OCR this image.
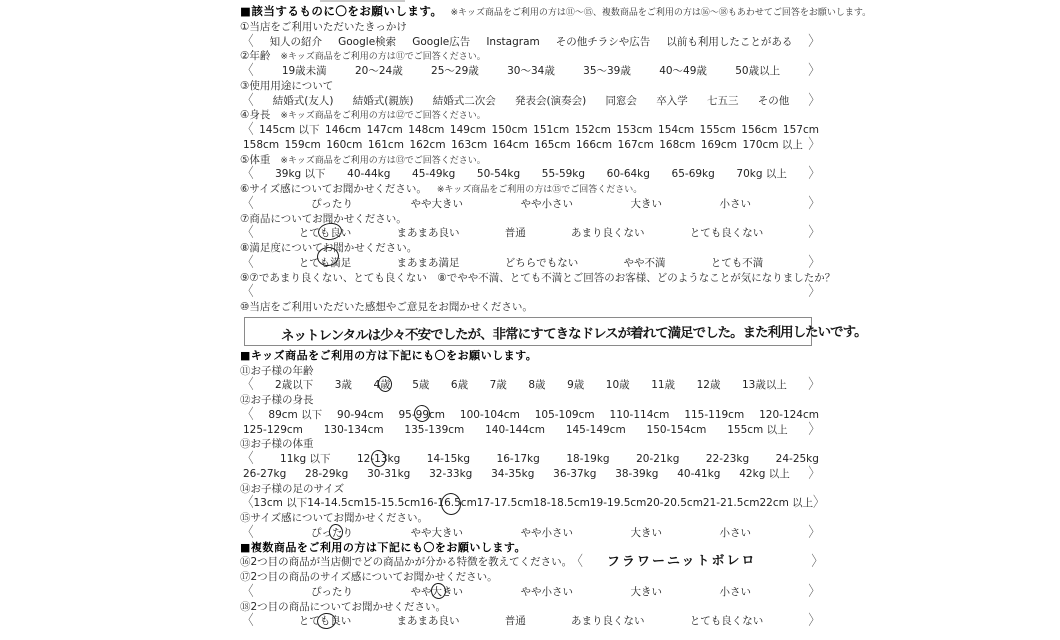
■該当するものに〇をお願いします。 ※キッズ商品をご利用の方は⑪〜⑮、複数商品をご利用の方は⑯〜⑱もあわせてご回答をお願いします。
①当店をご利用いただいたきっかけ
〈 知人の紹介 Google検索 Google広告 Instagram その他チラシや広告 以前も利用したことがある 〉
②年齢 ※キッズ商品をご利用の方は⑪でご回答ください。
〈	19歳未満	20〜24歳	25〜29歳	30〜34歳	35〜39歳	40〜49歳	50歳以上	〉
③使用用途について
〈 結婚式(友人) 結婚式(親族) 結婚式二次会 発表会(演奏会) 同窓会 卒入学 七五三 その他 〉
④身長 ※キッズ商品をご利用の方は⑫でご回答ください。
〈 145cm 以下 146cm 147cm 148cm 149cm 150cm 151cm 152cm 153cm 154cm 155cm 156cm 157cm
158cm 159cm 160cm 161cm 162cm 163cm 164cm 165cm 166cm 167cm 168cm 169cm 170cm 以上 〉
⑤体重 ※キッズ商品をご利用の方は⑬でご回答ください。
〈 39kg 以下 40-44kg 45-49kg 50-54kg 55-59kg 60-64kg 65-69kg 70kg 以上 〉
⑥サイズ感についてお聞かせください。 ※キッズ商品をご利用の方は⑮でご回答ください。
〈	ぴったり	やや大きい	やや小さい	大きい	小さい	〉
⑦商品についてお聞かせください。
〈	とても良い	まあまあ良い	普通	あまり良くない	とても良くない	〉
⑧満足度についてお聞かせください。
〈	とても満足	まあまあ満足	どちらでもない	やや不満	とても不満	〉
⑨⑦であまり良くない、とても良くない　⑧でやや不満、とても不満とご回答のお客様、どのようなことが気になりましたか？
〈	〉
⑩当店をご利用いただいた感想やご意見をお聞かせください。
ネットレンタルは少々不安でしたが、非常にすてきなドレスが着れて満足でした。また利用したいです。
■キッズ商品をご利用の方は下記にも〇をお願いします。
⑪お子様の年齢
〈 2歳以下 3歳 4歳 5歳 6歳 7歳 8歳 9歳 10歳 11歳 12歳 13歳以上 〉
⑫お子様の身長
〈 89cm 以下 90-94cm 95-99cm 100-104cm 105-109cm 110-114cm 115-119cm 120-124cm
125-129cm 130-134cm 135-139cm 140-144cm 145-149cm 150-154cm 155cm 以上 〉
⑬お子様の体重
〈	11kg 以下	12-13kg	14-15kg	16-17kg	18-19kg	20-21kg	22-23kg	24-25kg
26-27kg 28-29kg 30-31kg 32-33kg 34-35kg 36-37kg 38-39kg 40-41kg 42kg 以上 〉
⑭お子様の足のサイズ
〈 13cm 以下 14-14.5cm 15-15.5cm 16-16.5cm 17-17.5cm 18-18.5cm 19-19.5cm 20-20.5cm 21-21.5cm 22cm 以上 〉
⑮サイズ感についてお聞かせください。
〈	ぴったり	やや大きい	やや小さい	大きい	小さい	〉
■複数商品をご利用の方は下記にも〇をお願いします。
⑯2つ目の商品が当店側でどの商品かが分かる特徴を教えてください。 〈 フラワーニットボレロ	〉
⑰2つ目の商品のサイズ感についてお聞かせください。
〈	ぴったり	やや大きい	やや小さい	大きい	小さい	〉
⑱2つ目の商品についてお聞かせください。
〈	とても良い	まあまあ良い	普通	あまり良くない	とても良くない	〉
